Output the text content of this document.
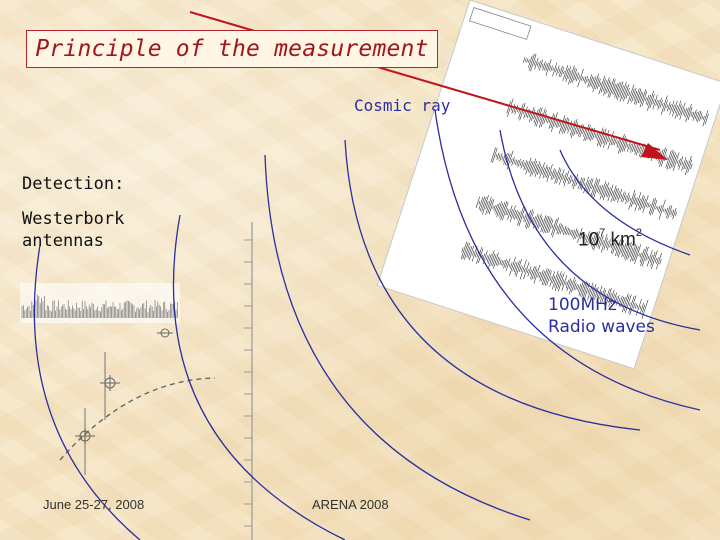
Principle of the measurement
Cosmic ray
Detection:
Westerbork antennas	$10^7$ $km^2$
100MHz
Radio waves
June 25-27, 2008	ARENA 2008
